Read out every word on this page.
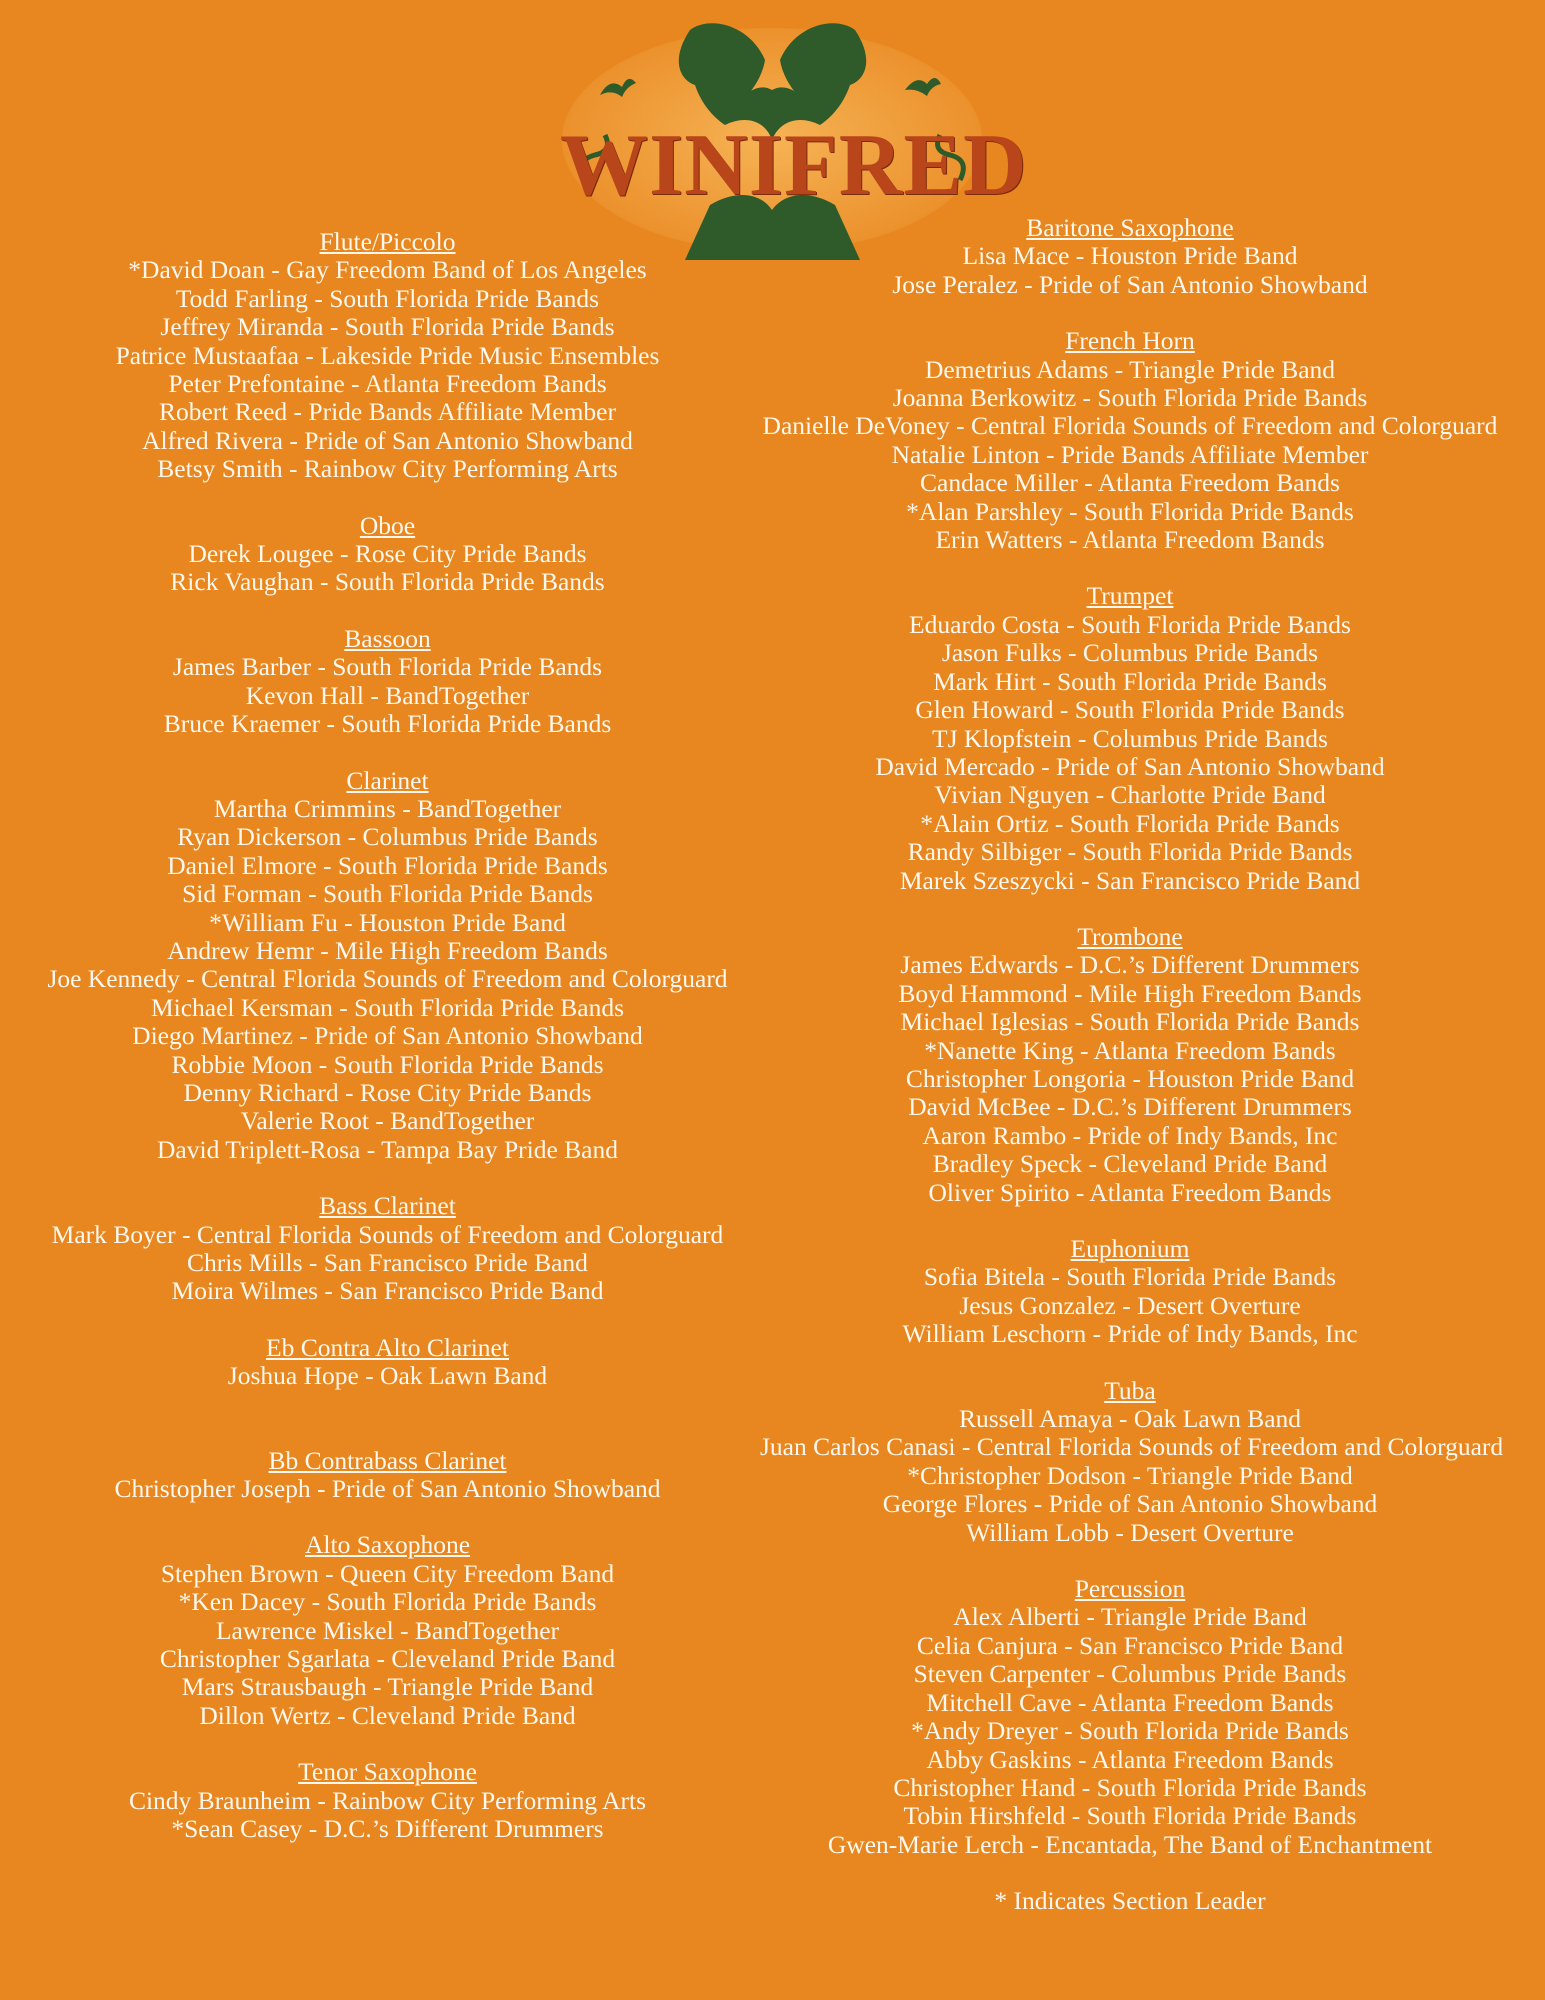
WINIFRED
Flute/Piccolo
*David Doan - Gay Freedom Band of Los Angeles
Todd Farling - South Florida Pride Bands
Jeffrey Miranda - South Florida Pride Bands
Patrice Mustaafaa - Lakeside Pride Music Ensembles
Peter Prefontaine - Atlanta Freedom Bands
Robert Reed - Pride Bands Affiliate Member
Alfred Rivera - Pride of San Antonio Showband
Betsy Smith - Rainbow City Performing Arts
Oboe
Derek Lougee - Rose City Pride Bands
Rick Vaughan - South Florida Pride Bands
Bassoon
James Barber - South Florida Pride Bands
Kevon Hall - BandTogether
Bruce Kraemer - South Florida Pride Bands
Clarinet
Martha Crimmins - BandTogether
Ryan Dickerson - Columbus Pride Bands
Daniel Elmore - South Florida Pride Bands
Sid Forman - South Florida Pride Bands
*William Fu - Houston Pride Band
Andrew Hemr - Mile High Freedom Bands
Joe Kennedy - Central Florida Sounds of Freedom and Colorguard
Michael Kersman - South Florida Pride Bands
Diego Martinez - Pride of San Antonio Showband
Robbie Moon - South Florida Pride Bands
Denny Richard - Rose City Pride Bands
Valerie Root - BandTogether
David Triplett-Rosa - Tampa Bay Pride Band
Bass Clarinet
Mark Boyer - Central Florida Sounds of Freedom and Colorguard
Chris Mills - San Francisco Pride Band
Moira Wilmes - San Francisco Pride Band
Eb Contra Alto Clarinet
Joshua Hope - Oak Lawn Band
Bb Contrabass Clarinet
Christopher Joseph - Pride of San Antonio Showband
Alto Saxophone
Stephen Brown - Queen City Freedom Band
*Ken Dacey - South Florida Pride Bands
Lawrence Miskel - BandTogether
Christopher Sgarlata - Cleveland Pride Band
Mars Strausbaugh - Triangle Pride Band
Dillon Wertz - Cleveland Pride Band
Tenor Saxophone
Cindy Braunheim - Rainbow City Performing Arts
*Sean Casey - D.C.’s Different Drummers
Baritone Saxophone
Lisa Mace - Houston Pride Band
Jose Peralez - Pride of San Antonio Showband
French Horn
Demetrius Adams - Triangle Pride Band
Joanna Berkowitz - South Florida Pride Bands
Danielle DeVoney - Central Florida Sounds of Freedom and Colorguard
Natalie Linton - Pride Bands Affiliate Member
Candace Miller - Atlanta Freedom Bands
*Alan Parshley - South Florida Pride Bands
Erin Watters - Atlanta Freedom Bands
Trumpet
Eduardo Costa - South Florida Pride Bands
Jason Fulks - Columbus Pride Bands
Mark Hirt - South Florida Pride Bands
Glen Howard - South Florida Pride Bands
TJ Klopfstein - Columbus Pride Bands
David Mercado - Pride of San Antonio Showband
Vivian Nguyen - Charlotte Pride Band
*Alain Ortiz - South Florida Pride Bands
Randy Silbiger - South Florida Pride Bands
Marek Szeszycki - San Francisco Pride Band
Trombone
James Edwards - D.C.’s Different Drummers
Boyd Hammond - Mile High Freedom Bands
Michael Iglesias - South Florida Pride Bands
*Nanette King - Atlanta Freedom Bands
Christopher Longoria - Houston Pride Band
David McBee - D.C.’s Different Drummers
Aaron Rambo - Pride of Indy Bands, Inc
Bradley Speck - Cleveland Pride Band
Oliver Spirito - Atlanta Freedom Bands
Euphonium
Sofia Bitela - South Florida Pride Bands
Jesus Gonzalez - Desert Overture
William Leschorn - Pride of Indy Bands, Inc
Tuba
Russell Amaya - Oak Lawn Band
Juan Carlos Canasi - Central Florida Sounds of Freedom and Colorguard
*Christopher Dodson - Triangle Pride Band
George Flores - Pride of San Antonio Showband
William Lobb - Desert Overture
Percussion
Alex Alberti - Triangle Pride Band
Celia Canjura - San Francisco Pride Band
Steven Carpenter - Columbus Pride Bands
Mitchell Cave - Atlanta Freedom Bands
*Andy Dreyer - South Florida Pride Bands
Abby Gaskins - Atlanta Freedom Bands
Christopher Hand - South Florida Pride Bands
Tobin Hirshfeld - South Florida Pride Bands
Gwen-Marie Lerch - Encantada, The Band of Enchantment
* Indicates Section Leader
